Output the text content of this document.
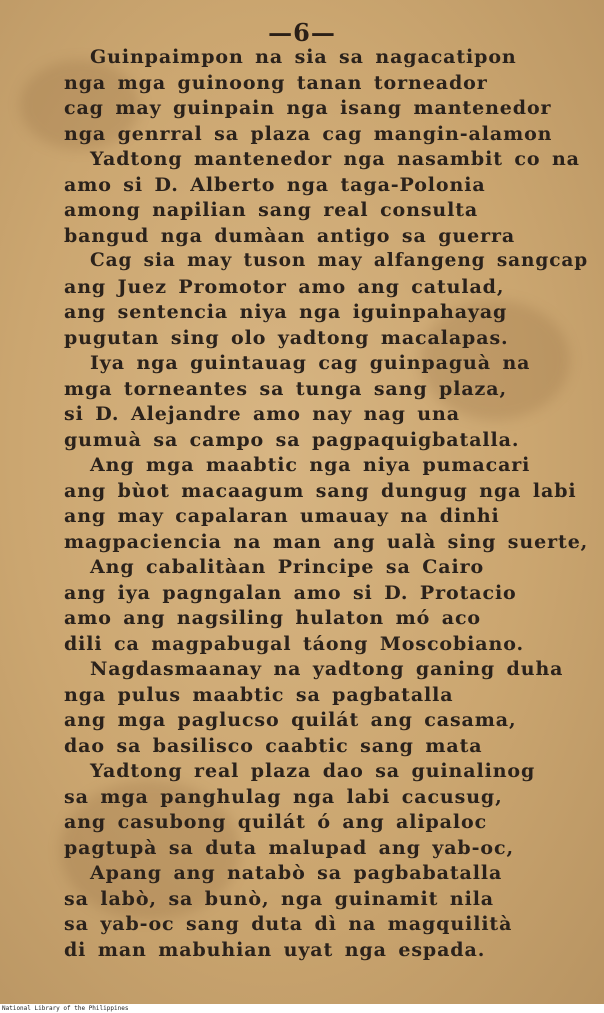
—6—
Guinpaimpon na sia sa nagacatipon
nga mga guinoong tanan torneador
cag may guinpain nga isang mantenedor
nga genrral sa plaza cag mangin-alamon
Yadtong mantenedor nga nasambit co na
amo si D. Alberto nga taga-Polonia
among napilian sang real consulta
bangud nga dumàan antigo sa guerra
Cag sia may tuson may alfangeng sangcap
ang Juez Promotor amo ang catulad,
ang sentencia niya nga iguinpahayag
pugutan sing olo yadtong macalapas.
Iya nga guintauag cag guinpaguà na
mga torneantes sa tunga sang plaza,
si D. Alejandre amo nay nag una
gumuà sa campo sa pagpaquigbatalla.
Ang mga maabtic nga niya pumacari
ang bùot macaagum sang dungug nga labi
ang may capalaran umauay na dinhi
magpaciencia na man ang ualà sing suerte,
Ang cabalitàan Principe sa Cairo
ang iya pagngalan amo si D. Protacio
amo ang nagsiling hulaton mó aco
dili ca magpabugal táong Moscobiano.
Nagdasmaanay na yadtong ganing duha
nga pulus maabtic sa pagbatalla
ang mga paglucso quilát ang casama,
dao sa basilisco caabtic sang mata
Yadtong real plaza dao sa guinalinog
sa mga panghulag nga labi cacusug,
ang casubong quilát ó ang alipaloc
pagtupà sa duta malupad ang yab-oc,
Apang ang natabò sa pagbabatalla
sa labò, sa bunò, nga guinamit nila
sa yab-oc sang duta dì na magquilità
di man mabuhian uyat nga espada.
National Library of the Philippines
